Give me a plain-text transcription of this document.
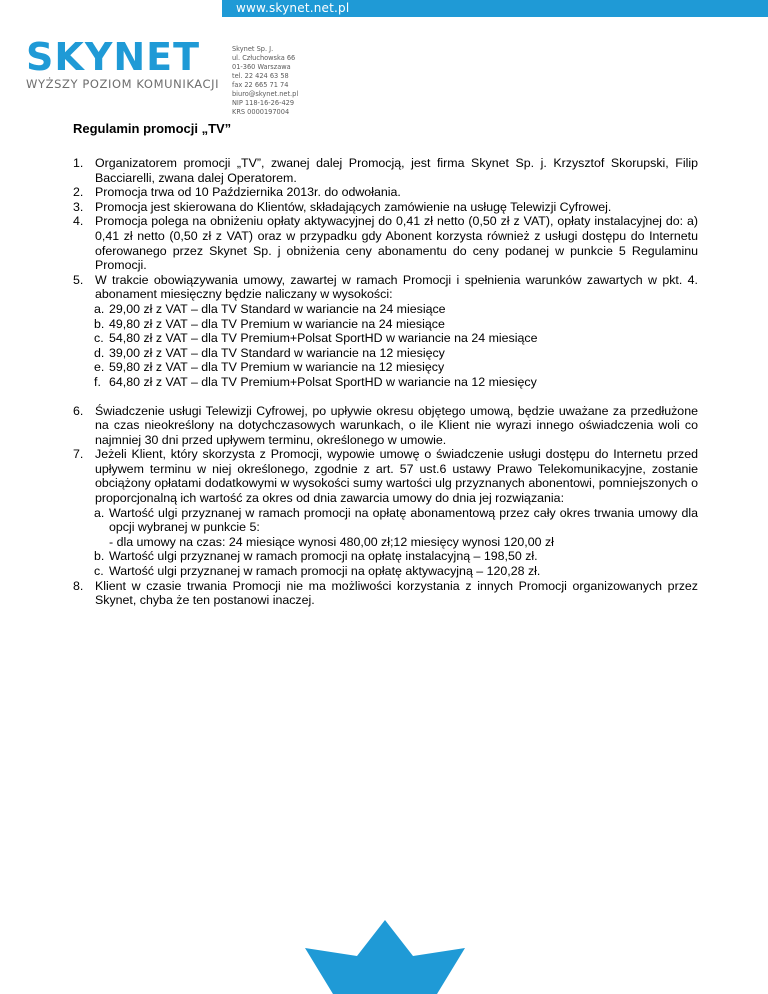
www.skynet.net.pl
SKYNET
WYŻSZY POZIOM KOMUNIKACJI
Skynet Sp. J.
ul. Człuchowska 66
01-360 Warszawa
tel. 22 424 63 58
fax 22 665 71 74
biuro@skynet.net.pl
NIP 118-16-26-429
KRS 0000197004
Regulamin promocji „TV”
1. Organizatorem promocji „TV”, zwanej dalej Promocją, jest firma Skynet Sp. j. Krzysztof Skorupski, Filip Bacciarelli, zwana dalej Operatorem.
2. Promocja trwa od 10 Października 2013r. do odwołania.
3. Promocja jest skierowana do Klientów, składających zamówienie na usługę Telewizji Cyfrowej.
4. Promocja polega na obniżeniu opłaty aktywacyjnej do 0,41 zł netto (0,50 zł z VAT), opłaty instalacyjnej do: a) 0,41 zł netto (0,50 zł z VAT) oraz w przypadku gdy Abonent korzysta również z usługi dostępu do Internetu oferowanego przez Skynet Sp. j obniżenia ceny abonamentu do ceny podanej w punkcie 5 Regulaminu Promocji.
5. W trakcie obowiązywania umowy, zawartej w ramach Promocji i spełnienia warunków zawartych w pkt. 4. abonament miesięczny będzie naliczany w wysokości:
a. 29,00 zł z VAT – dla TV Standard w wariancie na 24 miesiące
b. 49,80 zł z VAT – dla TV Premium w wariancie na 24 miesiące
c. 54,80 zł z VAT – dla TV Premium+Polsat SportHD w wariancie na 24 miesiące
d. 39,00 zł z VAT – dla TV Standard w wariancie na 12 miesięcy
e. 59,80 zł z VAT – dla TV Premium w wariancie na 12 miesięcy
f. 64,80 zł z VAT – dla TV Premium+Polsat SportHD w wariancie na 12 miesięcy
6. Świadczenie usługi Telewizji Cyfrowej, po upływie okresu objętego umową, będzie uważane za przedłużone na czas nieokreślony na dotychczasowych warunkach, o ile Klient nie wyrazi innego oświadczenia woli co najmniej 30 dni przed upływem terminu, określonego w umowie.
7. Jeżeli Klient, który skorzysta z Promocji, wypowie umowę o świadczenie usługi dostępu do Internetu przed upływem terminu w niej określonego, zgodnie z art. 57 ust.6 ustawy Prawo Telekomunikacyjne, zostanie obciążony opłatami dodatkowymi w wysokości sumy wartości ulg przyznanych abonentowi, pomniejszonych o proporcjonalną ich wartość za okres od dnia zawarcia umowy do dnia jej rozwiązania:
a. Wartość ulgi przyznanej w ramach promocji na opłatę abonamentową przez cały okres trwania umowy dla opcji wybranej w punkcie 5:
- dla umowy na czas: 24 miesiące wynosi 480,00 zł;12 miesięcy wynosi 120,00 zł
b. Wartość ulgi przyznanej w ramach promocji na opłatę instalacyjną – 198,50 zł.
c. Wartość ulgi przyznanej w ramach promocji na opłatę aktywacyjną – 120,28 zł.
8. Klient w czasie trwania Promocji nie ma możliwości korzystania z innych Promocji organizowanych przez Skynet, chyba że ten postanowi inaczej.
